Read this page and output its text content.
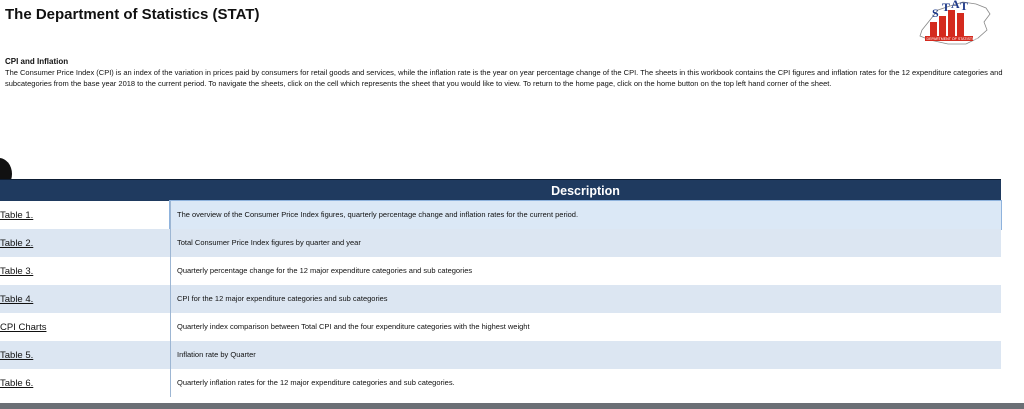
The Department of Statistics (STAT)	S T A T
DEPARTMENT OF STATISTICS
CPI and Inflation
The Consumer Price Index (CPI) is an index of the variation in prices paid by consumers for retail goods and services, while the inflation rate is the year on year percentage change of the CPI. The sheets in this workbook contains the CPI figures and inflation rates for the 12 expenditure categories and subcategories from the base year 2018 to the current period. To navigate the sheets, click on the cell which represents the sheet that you would like to view. To return to the home page, click on the home button on the top left hand corner of the sheet.
Description
Table 1.	The overview of the Consumer Price Index figures, quarterly percentage change and inflation rates for the current period.
Table 2.	Total Consumer Price Index figures by quarter and year
Table 3.	Quarterly percentage change for the 12 major expenditure categories and sub categories
Table 4.	CPI for the 12 major expenditure categories and sub categories
CPI Charts	Quarterly index comparison between Total CPI and the four expenditure categories with the highest weight
Table 5.	Inflation rate by Quarter
Table 6.	Quarterly inflation rates for the 12 major expenditure categories and sub categories.
